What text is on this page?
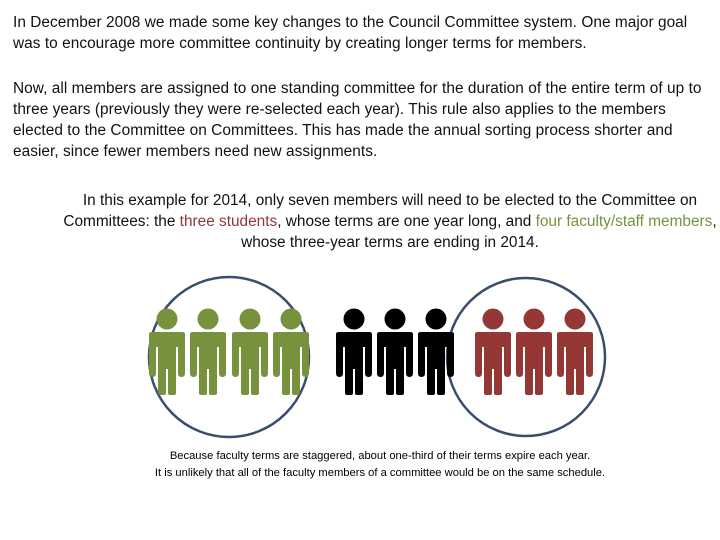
In December 2008 we made some key changes to the Council Committee system. One major goal was to encourage more committee continuity by creating longer terms for members.

Now, all members are assigned to one standing committee for the duration of the entire term of up to three years (previously they were re-selected each year). This rule also applies to the members elected to the Committee on Committees. This has made the annual sorting process shorter and easier, since fewer members need new assignments.

In this example for 2014, only seven members will need to be elected to the Committee on Committees: the three students, whose terms are one year long, and four faculty/staff members, whose three-year terms are ending in 2014.

Because faculty terms are staggered, about one-third of their terms expire each year.
It is unlikely that all of the faculty members of a committee would be on the same schedule.
